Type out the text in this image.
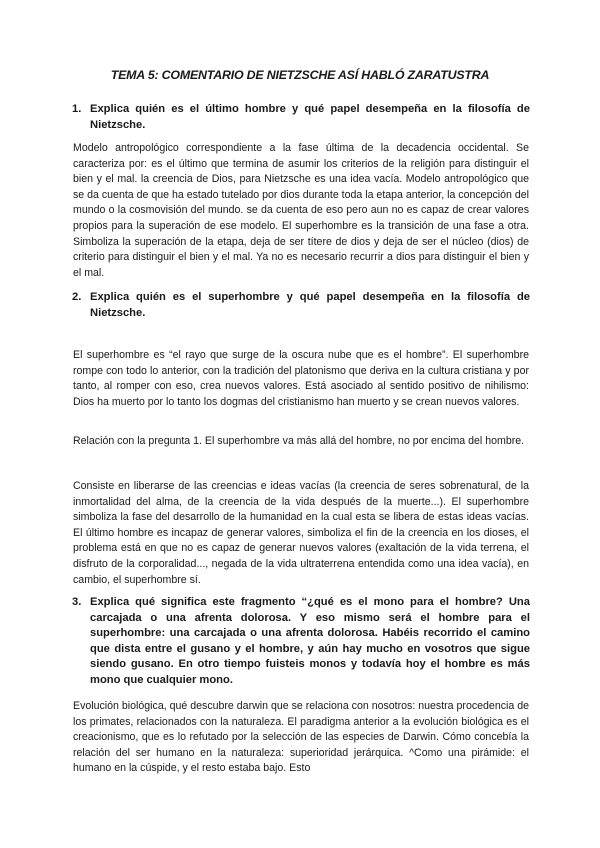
TEMA 5: COMENTARIO DE NIETZSCHE ASÍ HABLÓ ZARATUSTRA
1. Explica quién es el último hombre y qué papel desempeña en la filosofía de Nietzsche.
Modelo antropológico correspondiente a la fase última de la decadencia occidental. Se caracteriza por: es el último que termina de asumir los criterios de la religión para distinguir el bien y el mal. la creencia de Dios, para Nietzsche es una idea vacía. Modelo antropológico que se da cuenta de que ha estado tutelado por dios durante toda la etapa anterior, la concepción del mundo o la cosmovisión del mundo. se da cuenta de eso pero aun no es capaz de crear valores propios para la superación de ese modelo. El superhombre es la transición de una fase a otra. Simboliza la superación de la etapa, deja de ser títere de dios y deja de ser el núcleo (dios) de criterio para distinguir el bien y el mal. Ya no es necesario recurrir a dios para distinguir el bien y el mal.
2. Explica quién es el superhombre y qué papel desempeña en la filosofía de Nietzsche.
El superhombre es “el rayo que surge de la oscura nube que es el hombre”. El superhombre rompe con todo lo anterior, con la tradición del platonismo que deriva en la cultura cristiana y por tanto, al romper con eso, crea nuevos valores. Está asociado al sentido positivo de nihilismo: Dios ha muerto por lo tanto los dogmas del cristianismo han muerto y se crean nuevos valores.
Relación con la pregunta 1. El superhombre va más allá del hombre, no por encima del hombre.
Consiste en liberarse de las creencias e ideas vacías (la creencia de seres sobrenatural, de la inmortalidad del alma, de la creencia de la vida después de la muerte...). El superhombre simboliza la fase del desarrollo de la humanidad en la cual esta se libera de estas ideas vacías. El último hombre es incapaz de generar valores, simboliza el fin de la creencia en los dioses, el problema está en que no es capaz de generar nuevos valores (exaltación de la vida terrena, el disfruto de la corporalidad..., negada de la vida ultraterrena entendida como una idea vacía), en cambio, el superhombre sí.
3. Explica qué significa este fragmento “¿qué es el mono para el hombre? Una carcajada o una afrenta dolorosa. Y eso mismo será el hombre para el superhombre: una carcajada o una afrenta dolorosa. Habéis recorrido el camino que dista entre el gusano y el hombre, y aún hay mucho en vosotros que sigue siendo gusano. En otro tiempo fuisteis monos y todavía hoy el hombre es más mono que cualquier mono.
Evolución biológica, qué descubre darwin que se relaciona con nosotros: nuestra procedencia de los primates, relacionados con la naturaleza. El paradigma anterior a la evolución biológica es el creacionismo, que es lo refutado por la selección de las especies de Darwin. Cómo concebía la relación del ser humano en la naturaleza: superioridad jerárquica. ^Como una pirámide: el humano en la cúspide, y el resto estaba bajo. Esto
